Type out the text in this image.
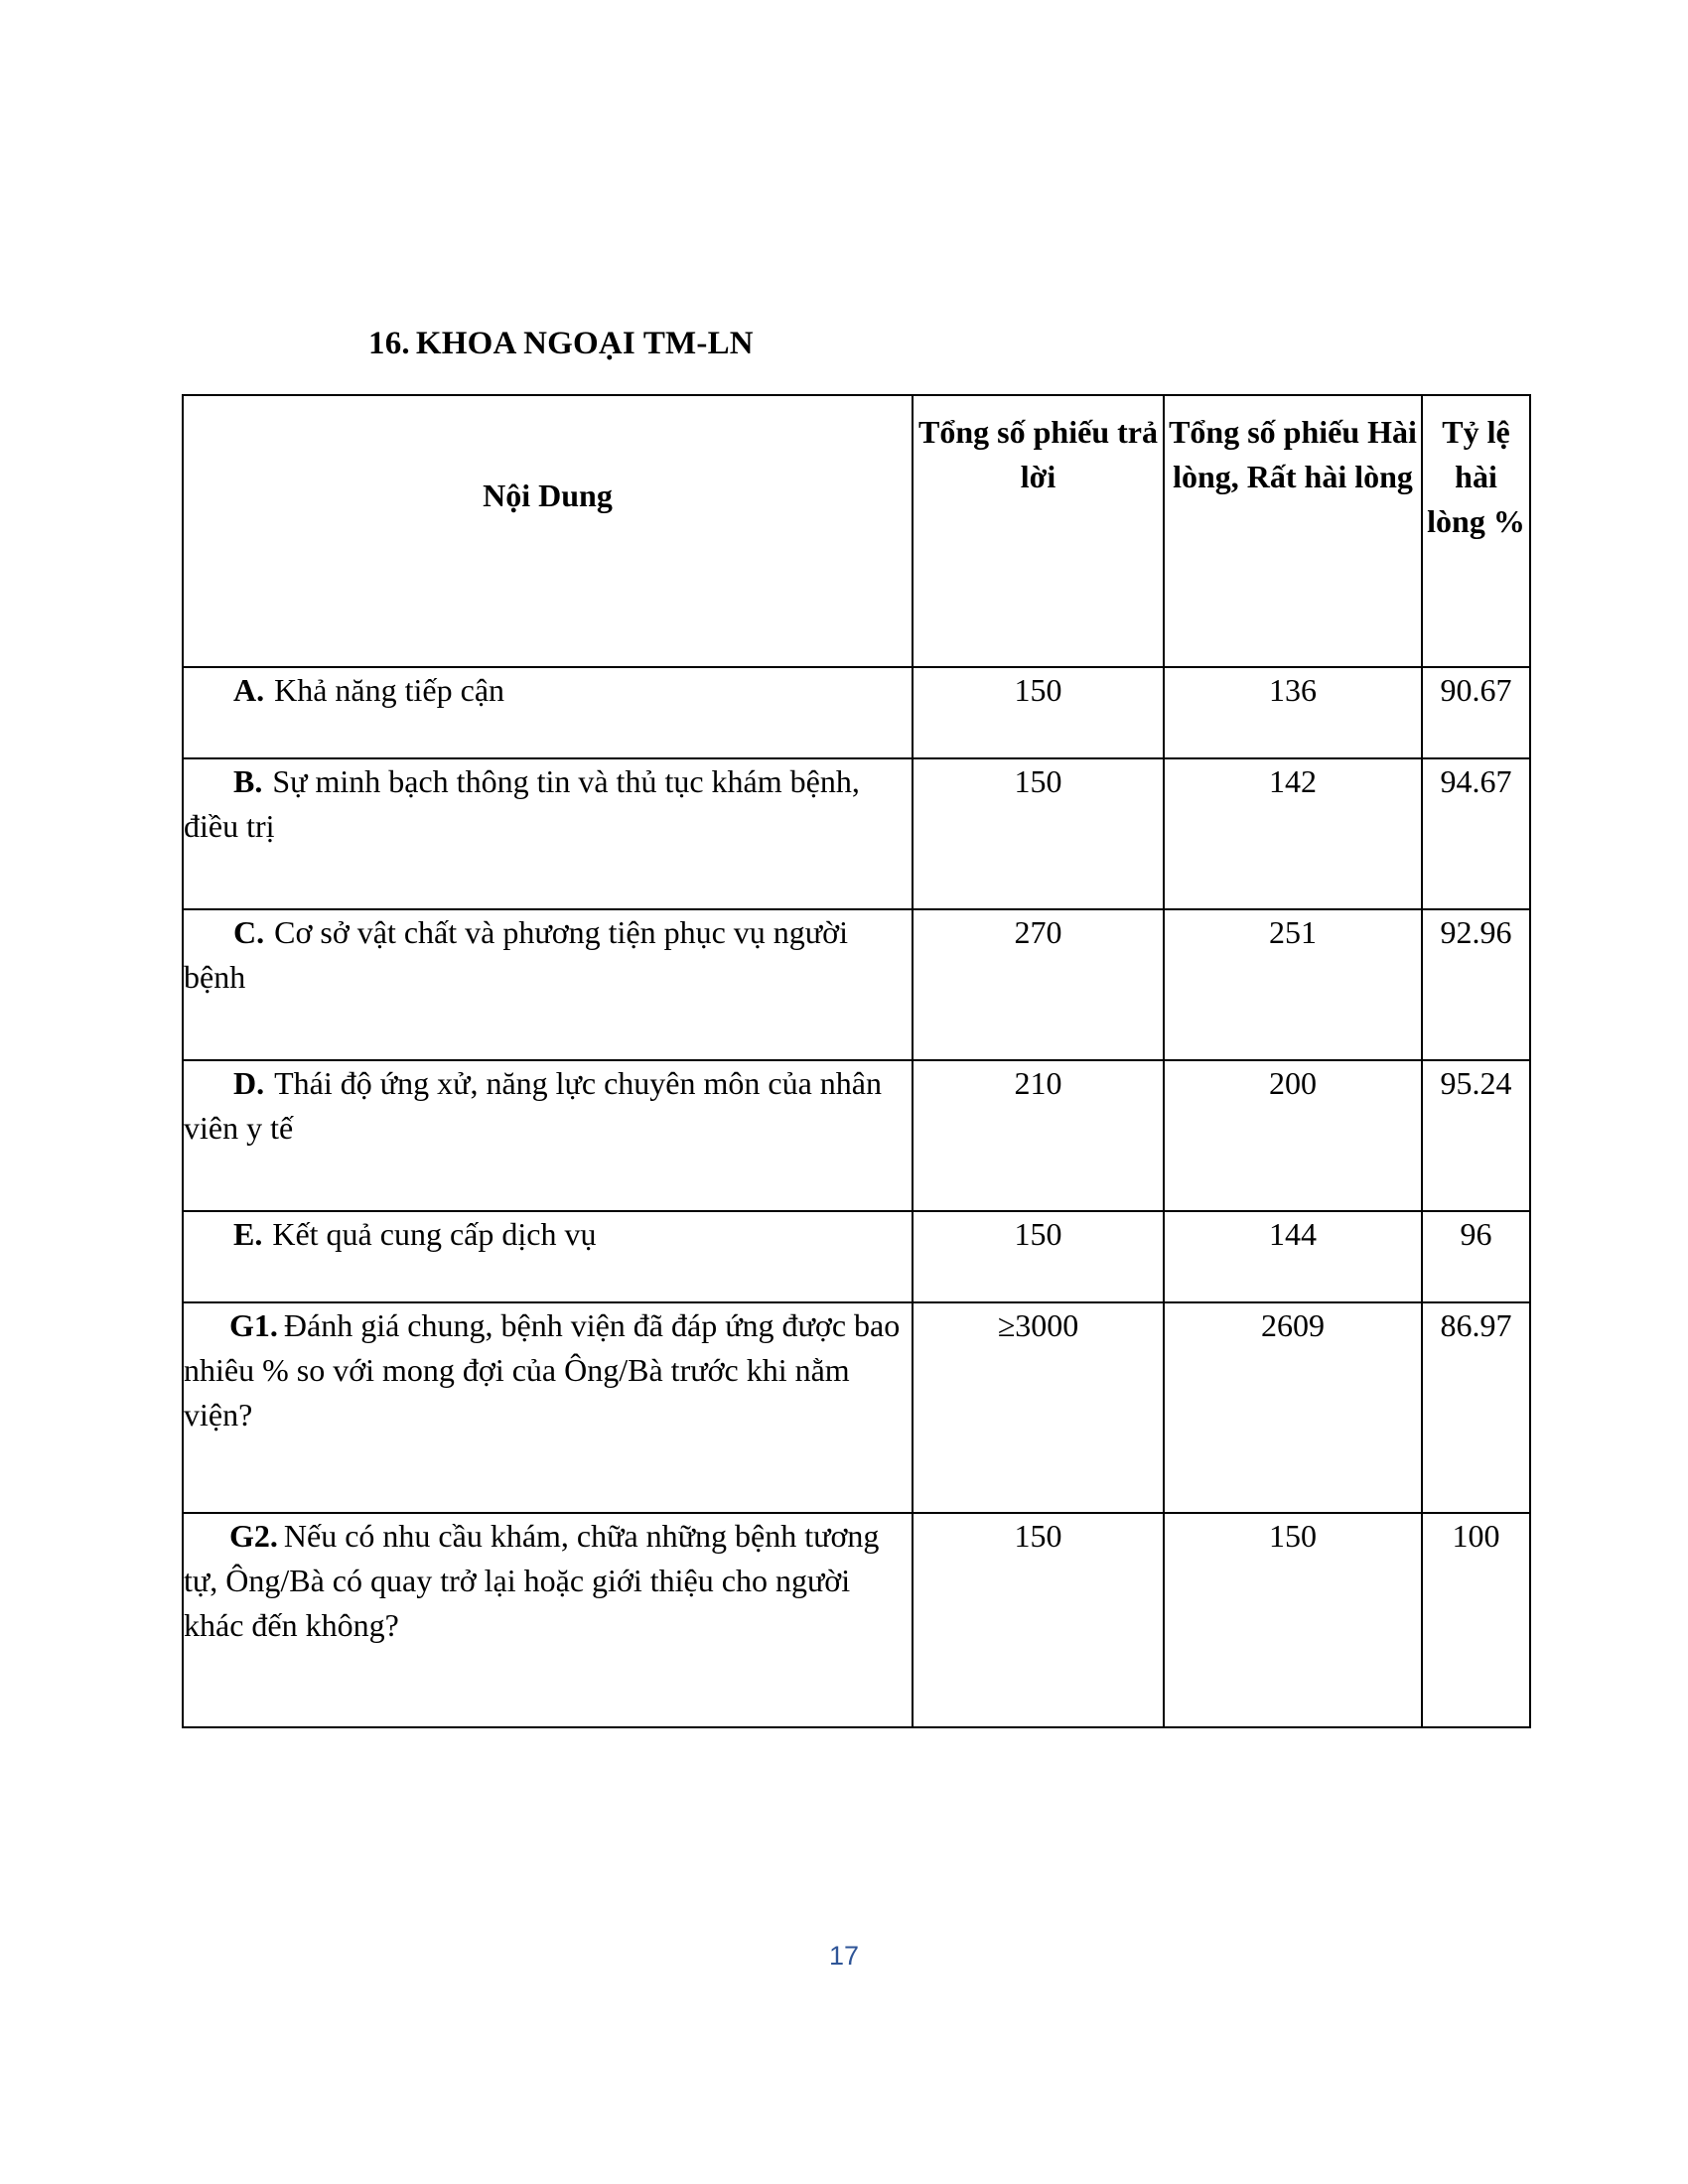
16. KHOA NGOẠI TM-LN
Nội Dung	Tổng số phiếu trả lời	Tổng số phiếu Hài lòng, Rất hài lòng	Tỷ lệ hài lòng %
A. Khả năng tiếp cận	150	136	90.67
B. Sự minh bạch thông tin và thủ tục khám bệnh, điều trị	150	142	94.67
C. Cơ sở vật chất và phương tiện phục vụ người bệnh	270	251	92.96
D. Thái độ ứng xử, năng lực chuyên môn của nhân viên y tế	210	200	95.24
E. Kết quả cung cấp dịch vụ	150	144	96
G1. Đánh giá chung, bệnh viện đã đáp ứng được bao nhiêu % so với mong đợi của Ông/Bà trước khi nằm viện?	≥3000	2609	86.97
G2. Nếu có nhu cầu khám, chữa những bệnh tương tự, Ông/Bà có quay trở lại hoặc giới thiệu cho người khác đến không?	150	150	100
17
